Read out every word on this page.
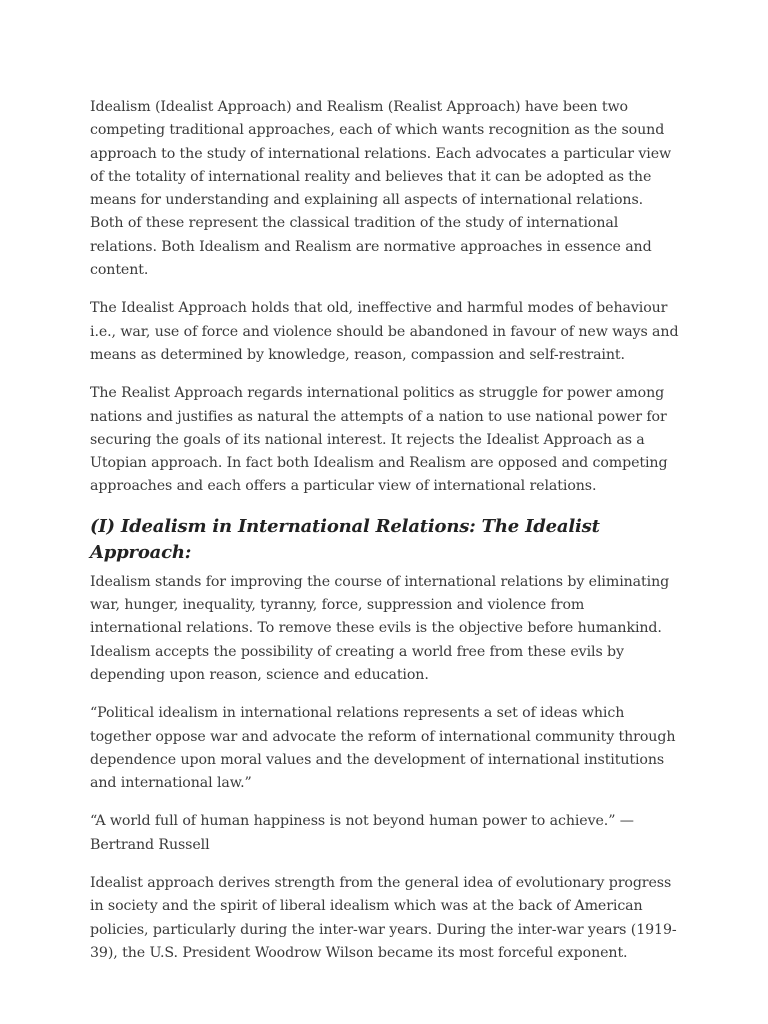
Idealism (Idealist Approach) and Realism (Realist Approach) have been two competing traditional approaches, each of which wants recognition as the sound approach to the study of international relations. Each advocates a particular view of the totality of international reality and believes that it can be adopted as the means for understanding and explaining all aspects of international relations. Both of these represent the classical tradition of the study of international relations. Both Idealism and Realism are normative approaches in essence and content.

The Idealist Approach holds that old, ineffective and harmful modes of behaviour i.e., war, use of force and violence should be abandoned in favour of new ways and means as determined by knowledge, reason, compassion and self-restraint.

The Realist Approach regards international politics as struggle for power among nations and justifies as natural the attempts of a nation to use national power for securing the goals of its national interest. It rejects the Idealist Approach as a Utopian approach. In fact both Idealism and Realism are opposed and competing approaches and each offers a particular view of international relations.

(I) Idealism in International Relations: The Idealist Approach:

Idealism stands for improving the course of international relations by eliminating war, hunger, inequality, tyranny, force, suppression and violence from international relations. To remove these evils is the objective before humankind. Idealism accepts the possibility of creating a world free from these evils by depending upon reason, science and education.

“Political idealism in international relations represents a set of ideas which together oppose war and advocate the reform of international community through dependence upon moral values and the development of international institutions and international law.”

“A world full of human happiness is not beyond human power to achieve.” —Bertrand Russell

Idealist approach derives strength from the general idea of evolutionary progress in society and the spirit of liberal idealism which was at the back of American policies, particularly during the inter-war years. During the inter-war years (1919-39), the U.S. President Woodrow Wilson became its most forceful exponent.
